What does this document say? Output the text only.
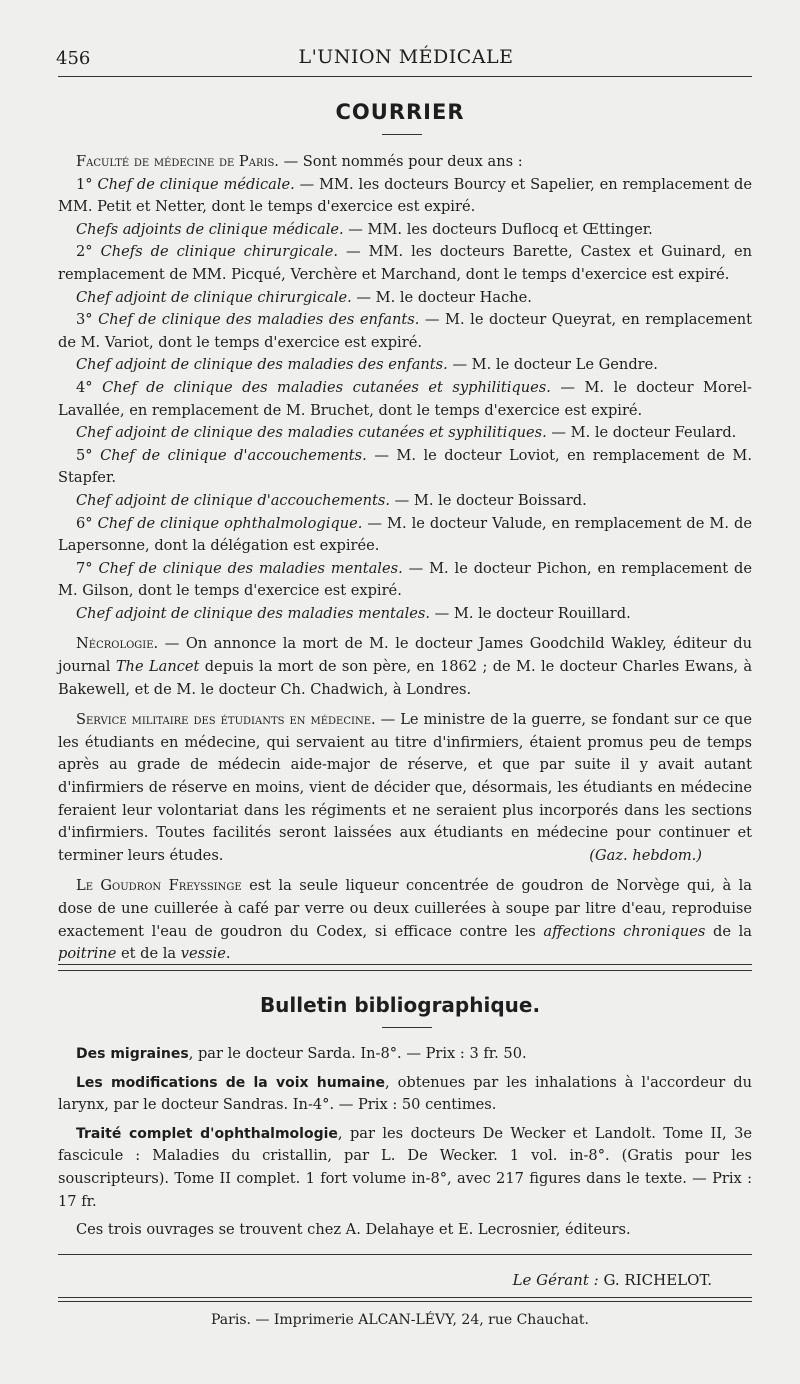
456	L'UNION MÉDICALE
COURRIER

Faculté de médecine de Paris. — Sont nommés pour deux ans :

1° Chef de clinique médicale. — MM. les docteurs Bourcy et Sapelier, en remplacement de MM. Petit et Netter, dont le temps d'exercice est expiré.

Chefs adjoints de clinique médicale. — MM. les docteurs Duflocq et Œttinger.

2° Chefs de clinique chirurgicale. — MM. les docteurs Barette, Castex et Guinard, en remplacement de MM. Picqué, Verchère et Marchand, dont le temps d'exercice est expiré.

Chef adjoint de clinique chirurgicale. — M. le docteur Hache.

3° Chef de clinique des maladies des enfants. — M. le docteur Queyrat, en remplacement de M. Variot, dont le temps d'exercice est expiré.

Chef adjoint de clinique des maladies des enfants. — M. le docteur Le Gendre.

4° Chef de clinique des maladies cutanées et syphilitiques. — M. le docteur Morel-Lavallée, en remplacement de M. Bruchet, dont le temps d'exercice est expiré.

Chef adjoint de clinique des maladies cutanées et syphilitiques. — M. le docteur Feulard.

5° Chef de clinique d'accouchements. — M. le docteur Loviot, en remplacement de M. Stapfer.

Chef adjoint de clinique d'accouchements. — M. le docteur Boissard.

6° Chef de clinique ophthalmologique. — M. le docteur Valude, en remplacement de M. de Lapersonne, dont la délégation est expirée.

7° Chef de clinique des maladies mentales. — M. le docteur Pichon, en remplacement de M. Gilson, dont le temps d'exercice est expiré.

Chef adjoint de clinique des maladies mentales. — M. le docteur Rouillard.

Nécrologie. — On annonce la mort de M. le docteur James Goodchild Wakley, éditeur du journal The Lancet depuis la mort de son père, en 1862 ; de M. le docteur Charles Ewans, à Bakewell, et de M. le docteur Ch. Chadwich, à Londres.

Service militaire des étudiants en médecine. — Le ministre de la guerre, se fondant sur ce que les étudiants en médecine, qui servaient au titre d'infirmiers, étaient promus peu de temps après au grade de médecin aide-major de réserve, et que par suite il y avait autant d'infirmiers de réserve en moins, vient de décider que, désormais, les étudiants en médecine feraient leur volontariat dans les régiments et ne seraient plus incorporés dans les sections d'infirmiers. Toutes facilités seront laissées aux étudiants en médecine pour continuer et terminer leurs études.	(Gaz. hebdom.)

Le Goudron Freyssinge est la seule liqueur concentrée de goudron de Norvège qui, à la dose de une cuillerée à café par verre ou deux cuillerées à soupe par litre d'eau, reproduise exactement l'eau de goudron du Codex, si efficace contre les affections chroniques de la poitrine et de la vessie.

Bulletin bibliographique.

Des migraines, par le docteur Sarda. In-8°. — Prix : 3 fr. 50.

Les modifications de la voix humaine, obtenues par les inhalations à l'accordeur du larynx, par le docteur Sandras. In-4°. — Prix : 50 centimes.

Traité complet d'ophthalmologie, par les docteurs De Wecker et Landolt. Tome II, 3e fascicule : Maladies du cristallin, par L. De Wecker. 1 vol. in-8°. (Gratis pour les souscripteurs). Tome II complet. 1 fort volume in-8°, avec 217 figures dans le texte. — Prix : 17 fr.

Ces trois ouvrages se trouvent chez A. Delahaye et E. Lecrosnier, éditeurs.

Le Gérant : G. RICHELOT.
Paris. — Imprimerie ALCAN-LÉVY, 24, rue Chauchat.
